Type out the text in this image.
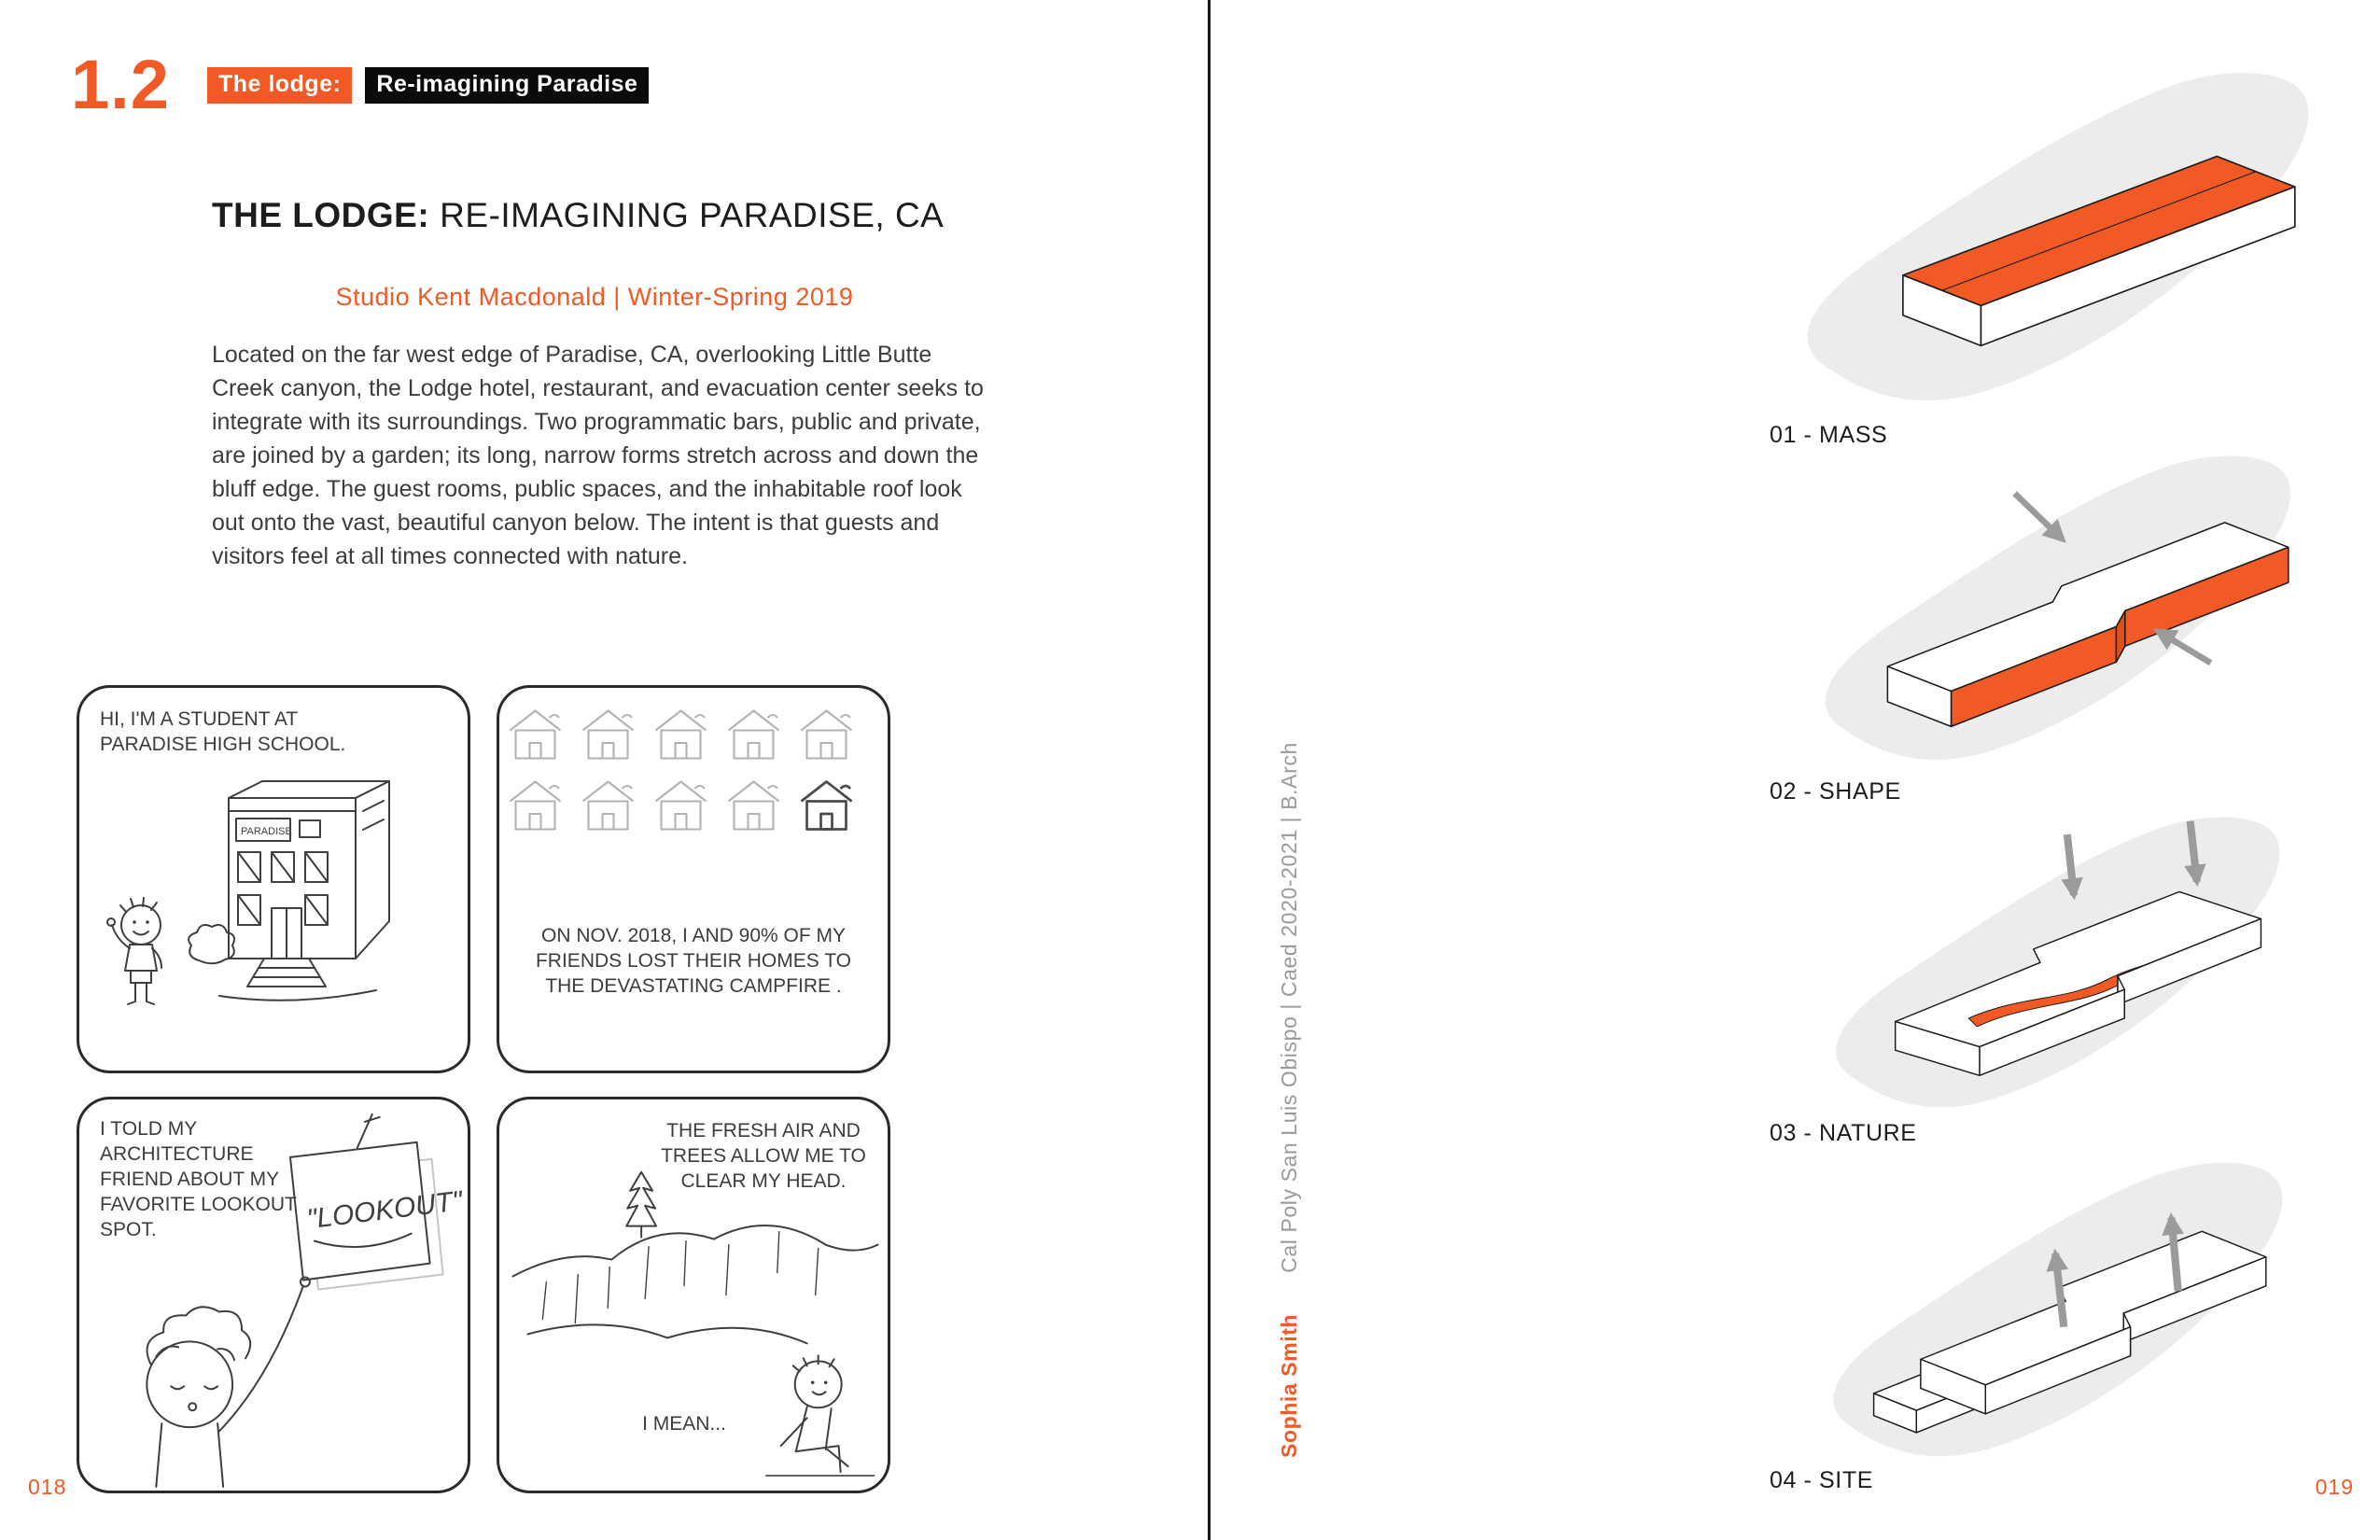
1.2	The lodge:	Re-imagining Paradise
THE LODGE: RE-IMAGINING PARADISE, CA
Studio Kent Macdonald | Winter-Spring 2019
Located on the far west edge of Paradise, CA, overlooking Little Butte Creek canyon, the Lodge hotel, restaurant, and evacuation center seeks to integrate with its surroundings. Two programmatic bars, public and private, are joined by a garden; its long, narrow forms stretch across and down the bluff edge. The guest rooms, public spaces, and the inhabitable roof look out onto the vast, beautiful canyon below. The intent is that guests and visitors feel at all times connected with nature.
HI, I'M A STUDENT AT PARADISE HIGH SCHOOL.
PARADISE
ON NOV. 2018, I AND 90% OF MY FRIENDS LOST THEIR HOMES TO THE DEVASTATING CAMPFIRE .
I TOLD MY ARCHITECTURE FRIEND ABOUT MY FAVORITE LOOKOUT SPOT.	"LOOKOUT"
THE FRESH AIR AND TREES ALLOW ME TO CLEAR MY HEAD.
I MEAN...
018
Sophia SmithCal Poly San Luis Obispo | Caed 2020-2021 | B.Arch
01 - MASS
02 - SHAPE
03 - NATURE
04 - SITE	019
